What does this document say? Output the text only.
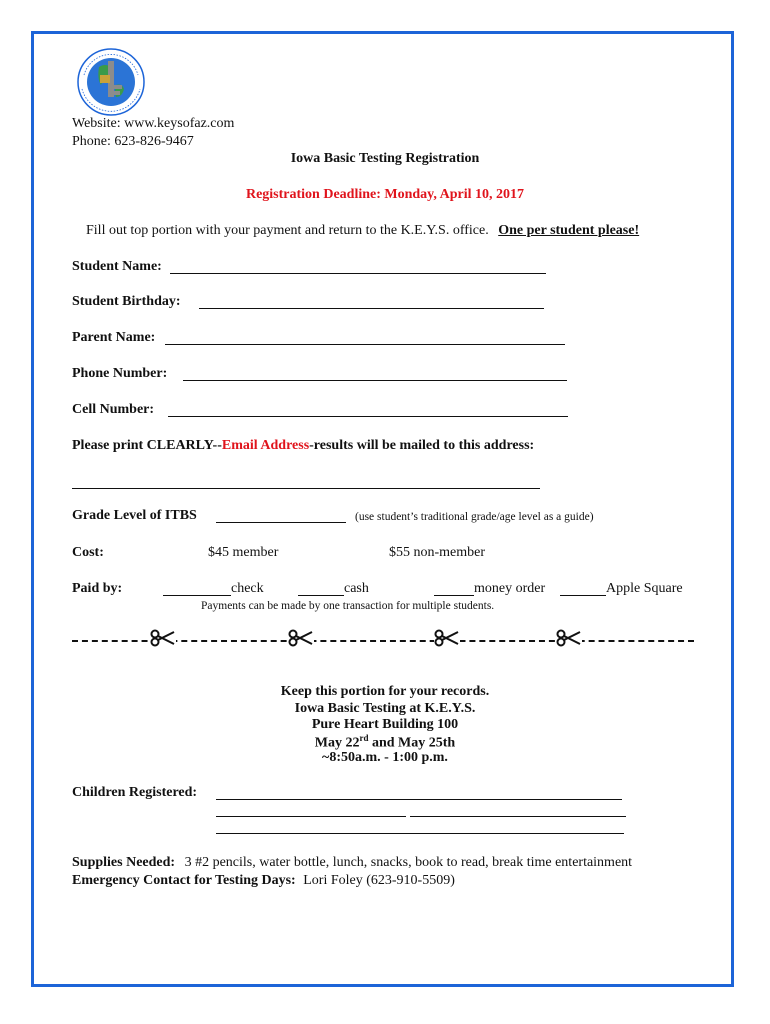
Website: www.keysofaz.com
Phone: 623-826-9467
Iowa Basic Testing Registration
Registration Deadline: Monday, April 10, 2017
Fill out top portion with your payment and return to the K.E.Y.S. office. One per student please!
Student Name:
Student Birthday:
Parent Name:
Phone Number:
Cell Number:
Please print CLEARLY--Email Address-results will be mailed to this address:
Grade Level of ITBS	(use student’s traditional grade/age level as a guide)
Cost:	$45 member	$55 non-member
Paid by:	check	cash	money order	Apple Square
Payments can be made by one transaction for multiple students.
Keep this portion for your records.
Iowa Basic Testing at K.E.Y.S.
Pure Heart Building 100
May 22rd and May 25th
~8:50a.m. - 1:00 p.m.
Children Registered:
Supplies Needed: 3 #2 pencils, water bottle, lunch, snacks, book to read, break time entertainment
Emergency Contact for Testing Days: Lori Foley (623-910-5509)
